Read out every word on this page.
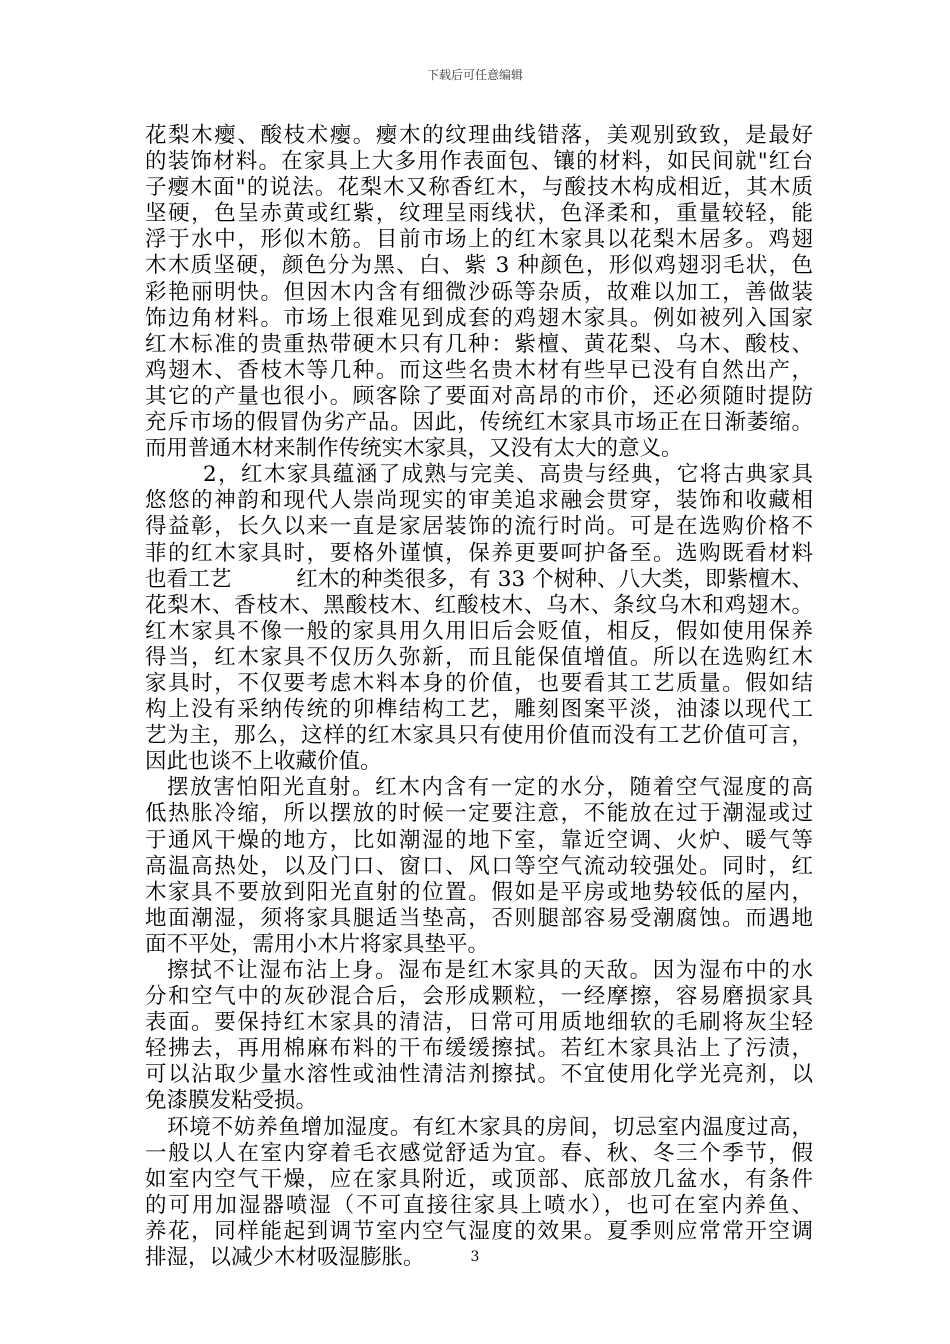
下载后可任意编辑
花梨木瘿、酸枝术瘿。瘿木的纹理曲线错落，美观别致致，是最好
的装饰材料。在家具上大多用作表面包、镶的材料，如民间就"红台
子瘿木面"的说法。花梨木又称香红木，与酸技木构成相近，其木质
坚硬，色呈赤黄或红紫，纹理呈雨线状，色泽柔和，重量较轻，能
浮于水中，形似木筋。目前市场上的红木家具以花梨木居多。鸡翅
木木质坚硬，颜色分为黑、白、紫 3 种颜色，形似鸡翅羽毛状，色
彩艳丽明快。但因木内含有细微沙砾等杂质，故难以加工，善做装
饰边角材料。市场上很难见到成套的鸡翅木家具。例如被列入国家
红木标准的贵重热带硬木只有几种：紫檀、黄花梨、乌木、酸枝、
鸡翅木、香枝木等几种。而这些名贵木材有些早已没有自然出产，
其它的产量也很小。顾客除了要面对高昂的市价，还必须随时提防
充斥市场的假冒伪劣产品。因此，传统红木家具市场正在日渐萎缩。
而用普通木材来制作传统实木家具，又没有太大的意义。
2，红木家具蕴涵了成熟与完美、高贵与经典，它将古典家具
悠悠的神韵和现代人崇尚现实的审美追求融会贯穿，装饰和收藏相
得益彰，长久以来一直是家居装饰的流行时尚。可是在选购价格不
菲的红木家具时，要格外谨慎，保养更要呵护备至。选购既看材料
也看工艺　　　红木的种类很多，有 33 个树种、八大类，即紫檀木、
花梨木、香枝木、黑酸枝木、红酸枝木、乌木、条纹乌木和鸡翅木。
红木家具不像一般的家具用久用旧后会贬值，相反，假如使用保养
得当，红木家具不仅历久弥新，而且能保值增值。所以在选购红木
家具时，不仅要考虑木料本身的价值，也要看其工艺质量。假如结
构上没有采纳传统的卯榫结构工艺，雕刻图案平淡，油漆以现代工
艺为主，那么，这样的红木家具只有使用价值而没有工艺价值可言，
因此也谈不上收藏价值。
摆放害怕阳光直射。红木内含有一定的水分，随着空气湿度的高
低热胀冷缩，所以摆放的时候一定要注意，不能放在过于潮湿或过
于通风干燥的地方，比如潮湿的地下室，靠近空调、火炉、暖气等
高温高热处，以及门口、窗口、风口等空气流动较强处。同时，红
木家具不要放到阳光直射的位置。假如是平房或地势较低的屋内，
地面潮湿，须将家具腿适当垫高，否则腿部容易受潮腐蚀。而遇地
面不平处，需用小木片将家具垫平。
擦拭不让湿布沾上身。湿布是红木家具的天敌。因为湿布中的水
分和空气中的灰砂混合后，会形成颗粒，一经摩擦，容易磨损家具
表面。要保持红木家具的清洁，日常可用质地细软的毛刷将灰尘轻
轻拂去，再用棉麻布料的干布缓缓擦拭。若红木家具沾上了污渍，
可以沾取少量水溶性或油性清洁剂擦拭。不宜使用化学光亮剂，以
免漆膜发粘受损。
环境不妨养鱼增加湿度。有红木家具的房间，切忌室内温度过高，
一般以人在室内穿着毛衣感觉舒适为宜。春、秋、冬三个季节，假
如室内空气干燥，应在家具附近，或顶部、底部放几盆水，有条件
的可用加湿器喷湿（不可直接往家具上喷水），也可在室内养鱼、
养花，同样能起到调节室内空气湿度的效果。夏季则应常常开空调
排湿，以减少木材吸湿膨胀。	3
